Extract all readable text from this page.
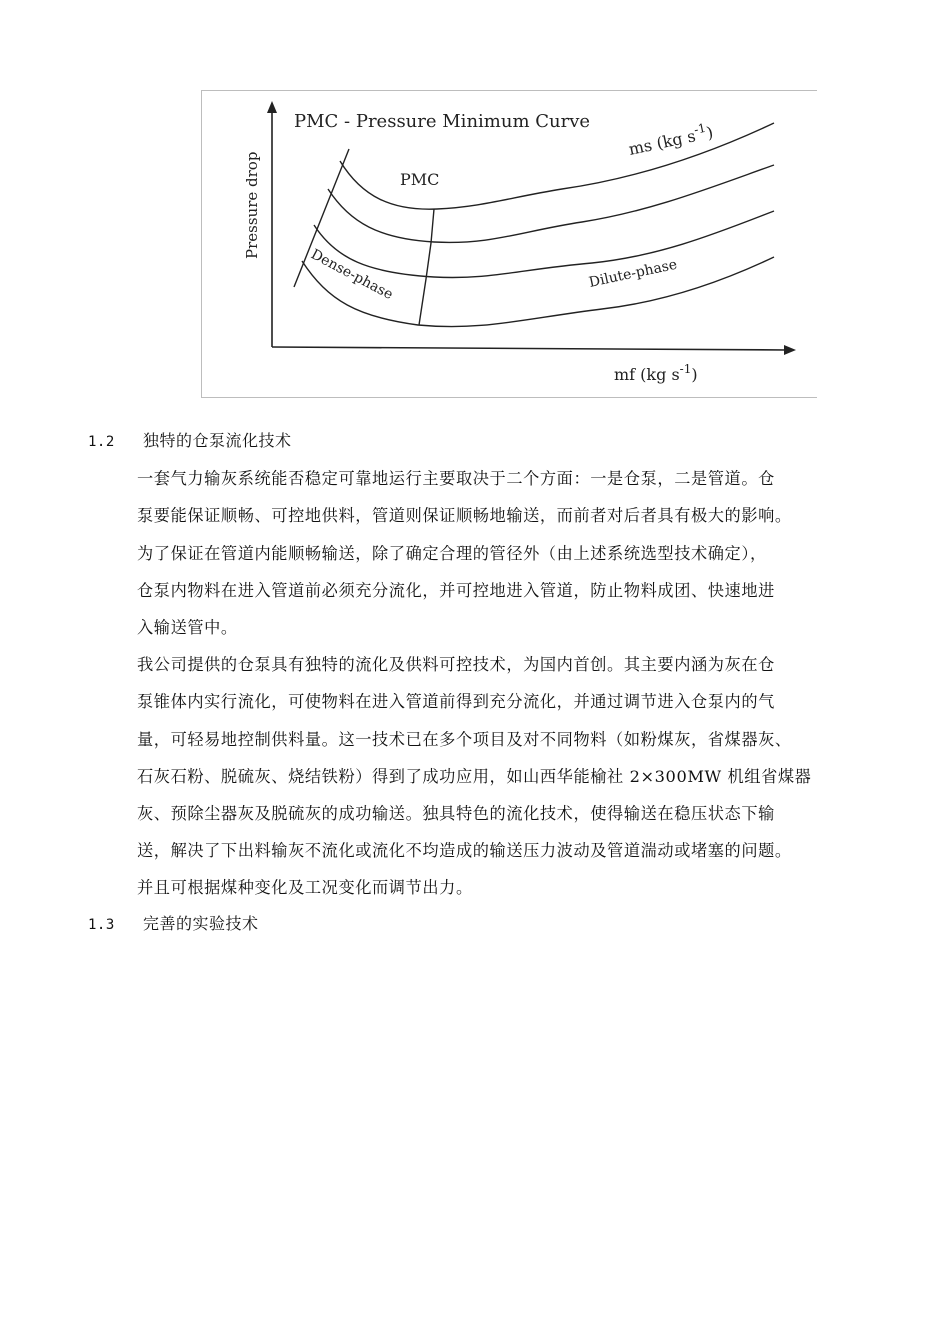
PMC - Pressure Minimum Curve
Pressure drop
mf (kg $s^{-1}$)
ms (kg $s^{-1}$)
PMC
Dense-phase	Dilute-phase
1.2 独特的仓泵流化技术
一套气力输灰系统能否稳定可靠地运行主要取决于二个方面：一是仓泵，二是管道。仓
泵要能保证顺畅、可控地供料，管道则保证顺畅地输送，而前者对后者具有极大的影响。
为了保证在管道内能顺畅输送，除了确定合理的管径外（由上述系统选型技术确定），
仓泵内物料在进入管道前必须充分流化，并可控地进入管道，防止物料成团、快速地进
入输送管中。
我公司提供的仓泵具有独特的流化及供料可控技术，为国内首创。其主要内涵为灰在仓
泵锥体内实行流化，可使物料在进入管道前得到充分流化，并通过调节进入仓泵内的气
量，可轻易地控制供料量。这一技术已在多个项目及对不同物料（如粉煤灰，省煤器灰、
石灰石粉、脱硫灰、烧结铁粉）得到了成功应用，如山西华能榆社 2×300MW 机组省煤器
灰、预除尘器灰及脱硫灰的成功输送。独具特色的流化技术，使得输送在稳压状态下输
送，解决了下出料输灰不流化或流化不均造成的输送压力波动及管道湍动或堵塞的问题。
并且可根据煤种变化及工况变化而调节出力。
1.3 完善的实验技术
